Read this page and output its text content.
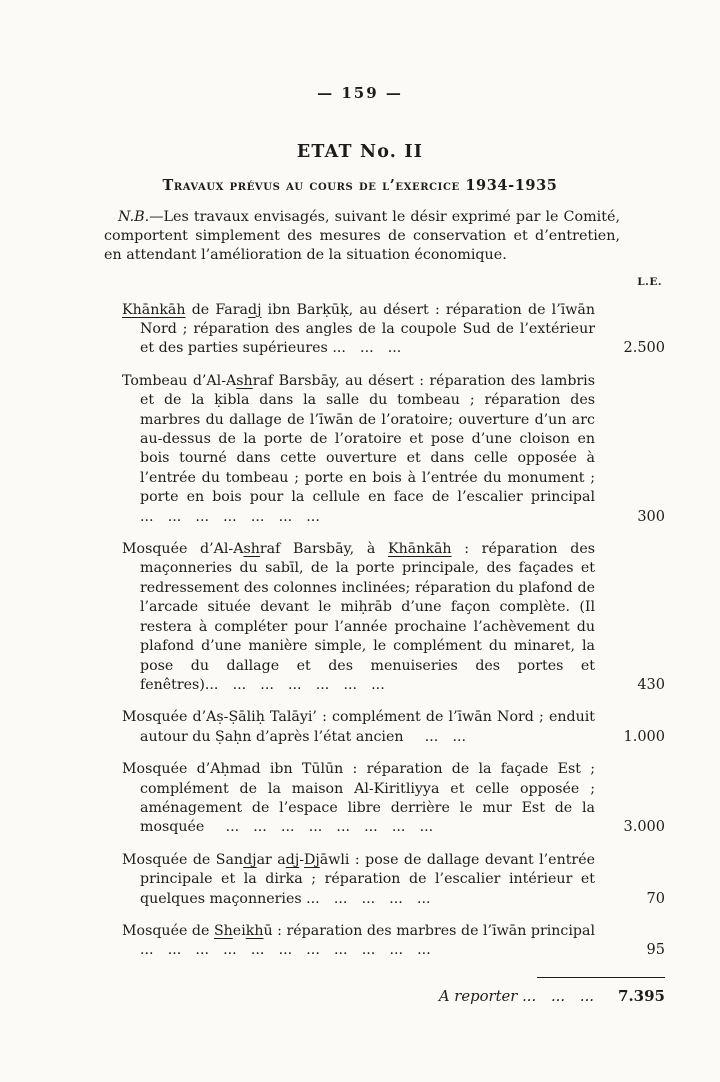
— 159 —
ETAT No. II
Travaux prévus au cours de l’exercice 1934-1935

N.B.—Les travaux envisagés, suivant le désir exprimé par le Comité, comportent simplement des mesures de conservation et d’entretien, en attendant l’amélioration de la situation économique.

L.E.
Khānkāh de Faradj ibn Barḳūḳ, au désert : réparation de l’īwān Nord ; réparation des angles de la coupole Sud de l’extérieur et des parties supérieures ...  ...  ...	2.500
Tombeau d’Al-Ashraf Barsbāy, au désert : réparation des lambris et de la ḳibla dans la salle du tombeau ; réparation des marbres du dallage de l’īwān de l’oratoire; ouverture d’un arc au-dessus de la porte de l’oratoire et pose d’une cloison en bois tourné dans cette ouverture et dans celle opposée à l’entrée du tombeau ; porte en bois à l’entrée du monument ; porte en bois pour la cellule en face de l’escalier principal ...  ...  ...  ...  ...  ...  ...	300
Mosquée d’Al-Ashraf Barsbāy, à Khānkāh : réparation des maçonneries du sabīl, de la porte principale, des façades et redressement des colonnes inclinées; réparation du plafond de l’arcade située devant le miḥrāb d’une façon complète. (Il restera à compléter pour l’année prochaine l’achèvement du plafond d’une manière simple, le complément du minaret, la pose du dallage et des menuiseries des portes et fenêtres)...  ...  ...  ...  ...  ...  ...	430
Mosquée d’Aṣ-Ṣāliḥ Talāyi’ : complément de l’īwān Nord ; enduit autour du Ṣaḥn d’après l’état ancien   ...  ...	1.000
Mosquée d’Aḥmad ibn Tūlūn : réparation de la façade Est ; complément de la maison Al-Kiritliyya et celle opposée ; aménagement de l’espace libre derrière le mur Est de la mosquée   ...  ...  ...  ...  ...  ...  ...  ...	3.000
Mosquée de Sandjar adj-Djāwli : pose de dallage devant l’entrée principale et la dirka ; réparation de l’escalier intérieur et quelques maçonneries ...  ...  ...  ...  ...	70
Mosquée de Sheikhū : réparation des marbres de l’īwān principal ...  ...  ...  ...  ...  ...  ...  ...  ...  ...  ...	95
A reporter ...  ...  ... 7.395
